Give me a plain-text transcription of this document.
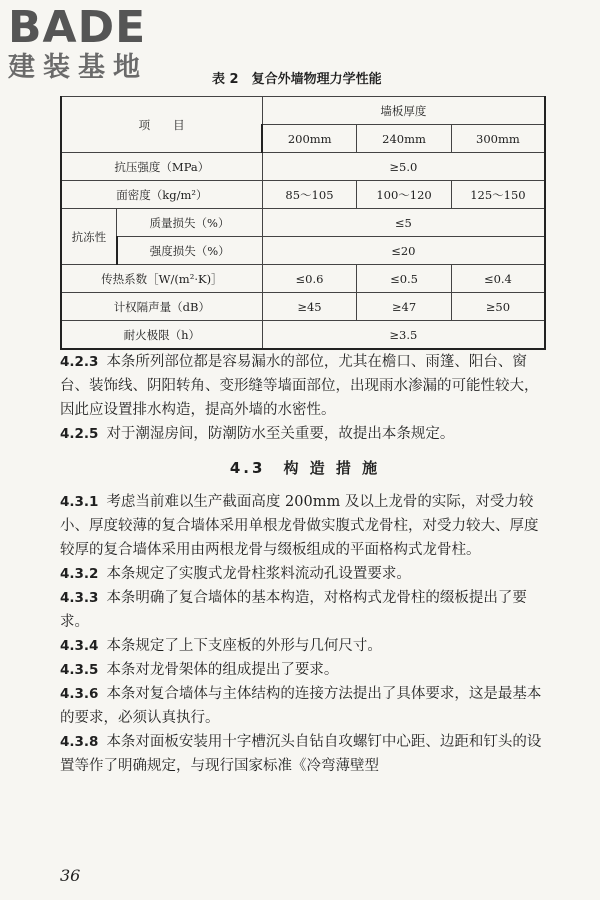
BADE
建装基地	表 2　复合外墙物理力学性能
项　　目		墙板厚度		
		200mm	240mm	300mm
抗压强度（MPa）		≥5.0		
面密度（kg/m²）		85～105	100～120	125～150
抗冻性	质量损失（%）	≤5		
	强度损失（%）	≤20		
传热系数［W/(m²·K)］		≤0.6	≤0.5	≤0.4
计权隔声量（dB）		≥45	≥47	≥50
耐火极限（h）		≥3.5		

4.2.3 本条所列部位都是容易漏水的部位，尤其在檐口、雨篷、阳台、窗台、装饰线、阴阳转角、变形缝等墙面部位，出现雨水渗漏的可能性较大，因此应设置排水构造，提高外墙的水密性。

4.2.5 对于潮湿房间，防潮防水至关重要，故提出本条规定。

4.3　构 造 措 施

4.3.1 考虑当前难以生产截面高度 200mm 及以上龙骨的实际，对受力较小、厚度较薄的复合墙体采用单根龙骨做实腹式龙骨柱，对受力较大、厚度较厚的复合墙体采用由两根龙骨与缀板组成的平面格构式龙骨柱。

4.3.2 本条规定了实腹式龙骨柱浆料流动孔设置要求。

4.3.3 本条明确了复合墙体的基本构造，对格构式龙骨柱的缀板提出了要求。

4.3.4 本条规定了上下支座板的外形与几何尺寸。

4.3.5 本条对龙骨架体的组成提出了要求。

4.3.6 本条对复合墙体与主体结构的连接方法提出了具体要求，这是最基本的要求，必须认真执行。

4.3.8 本条对面板安装用十字槽沉头自钻自攻螺钉中心距、边距和钉头的设置等作了明确规定，与现行国家标准《冷弯薄壁型

36
